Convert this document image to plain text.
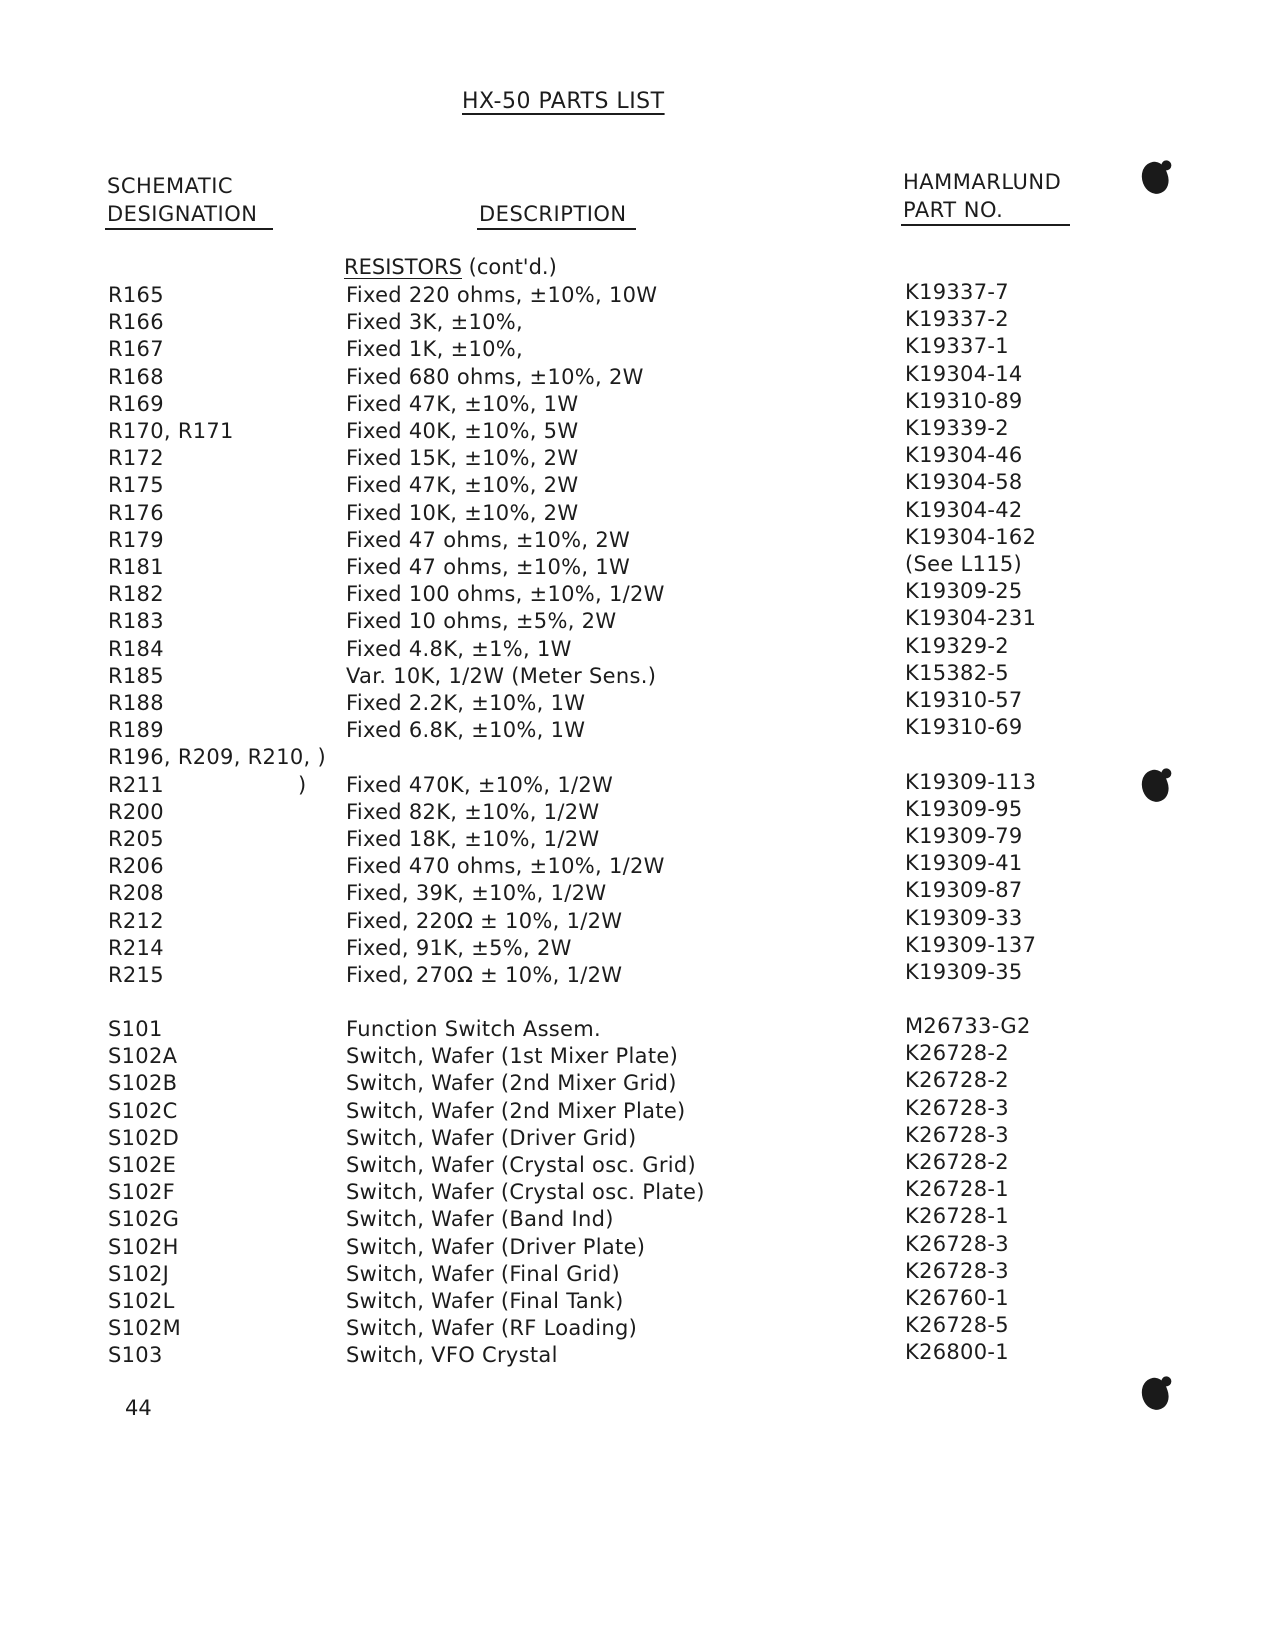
HX-50 PARTS LIST
SCHEMATIC
DESIGNATION	DESCRIPTION
HAMMARLUND
PART NO.
RESISTORS (cont'd.)
R165	Fixed 220 ohms, ±10%, 10W	K19337-7
R166	Fixed 3K, ±10%,	K19337-2
R167	Fixed 1K, ±10%,	K19337-1
R168	Fixed 680 ohms, ±10%, 2W	K19304-14
R169	Fixed 47K, ±10%, 1W	K19310-89
R170, R171	Fixed 40K, ±10%, 5W	K19339-2
R172	Fixed 15K, ±10%, 2W	K19304-46
R175	Fixed 47K, ±10%, 2W	K19304-58
R176	Fixed 10K, ±10%, 2W	K19304-42
R179	Fixed 47 ohms, ±10%, 2W	K19304-162
R181	Fixed 47 ohms, ±10%, 1W	(See L115)
R182	Fixed 100 ohms, ±10%, 1/2W	K19309-25
R183	Fixed 10 ohms, ±5%, 2W	K19304-231
R184	Fixed 4.8K, ±1%, 1W	K19329-2
R185	Var. 10K, 1/2W (Meter Sens.)	K15382-5
R188	Fixed 2.2K, ±10%, 1W	K19310-57
R189	Fixed 6.8K, ±10%, 1W	K19310-69
R196, R209, R210, )
R211	Fixed 470K, ±10%, 1/2W	K19309-113
)
R200	Fixed 82K, ±10%, 1/2W	K19309-95
R205	Fixed 18K, ±10%, 1/2W	K19309-79
R206	Fixed 470 ohms, ±10%, 1/2W	K19309-41
R208	Fixed, 39K, ±10%, 1/2W	K19309-87
R212	Fixed, 220Ω ± 10%, 1/2W	K19309-33
R214	Fixed, 91K, ±5%, 2W	K19309-137
R215	Fixed, 270Ω ± 10%, 1/2W	K19309-35
S101	Function Switch Assem.	M26733-G2
S102A	Switch, Wafer (1st Mixer Plate)	K26728-2
S102B	Switch, Wafer (2nd Mixer Grid)	K26728-2
S102C	Switch, Wafer (2nd Mixer Plate)	K26728-3
S102D	Switch, Wafer (Driver Grid)	K26728-3
S102E	Switch, Wafer (Crystal osc. Grid)	K26728-2
S102F	Switch, Wafer (Crystal osc. Plate)	K26728-1
S102G	Switch, Wafer (Band Ind)	K26728-1
S102H	Switch, Wafer (Driver Plate)	K26728-3
S102J	Switch, Wafer (Final Grid)	K26728-3
S102L	Switch, Wafer (Final Tank)	K26760-1
S102M	Switch, Wafer (RF Loading)	K26728-5
S103	Switch, VFO Crystal	K26800-1
44
